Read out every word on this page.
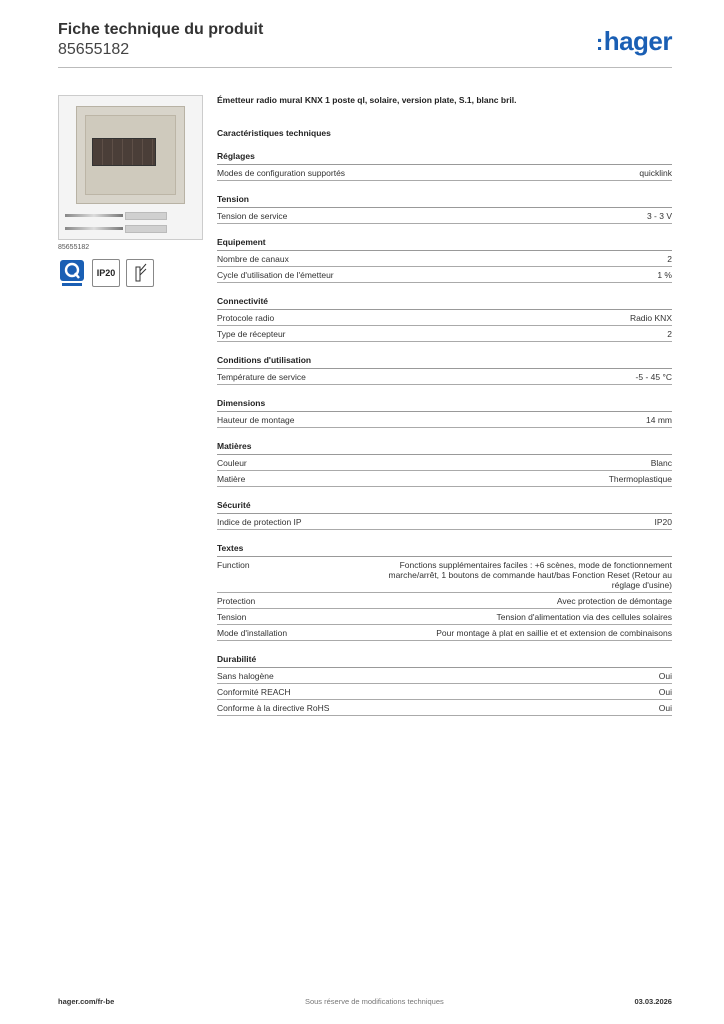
Fiche technique du produit
85655182	:hager
85655182
IP20
Émetteur radio mural KNX 1 poste ql, solaire, version plate, S.1, blanc bril.
Caractéristiques techniques
Réglages
Modes de configuration supportés	quicklink
Tension
Tension de service	3 - 3 V
Equipement
Nombre de canaux	2
Cycle d'utilisation de l'émetteur	1 %
Connectivité
Protocole radio	Radio KNX
Type de récepteur	2
Conditions d'utilisation
Température de service	-5 - 45 °C
Dimensions
Hauteur de montage	14 mm
Matières
Couleur	Blanc
Matière	Thermoplastique
Sécurité
Indice de protection IP	IP20
Textes
Function	Fonctions supplémentaires faciles : +6 scènes, mode de fonctionnement marche/arrêt, 1 boutons de commande haut/bas Fonction Reset (Retour au réglage d'usine)
Protection	Avec protection de démontage
Tension	Tension d'alimentation via des cellules solaires
Mode d'installation	Pour montage à plat en saillie et et extension de combinaisons
Durabilité
Sans halogène	Oui
Conformité REACH	Oui
Conforme à la directive RoHS	Oui
hager.com/fr-be	Sous réserve de modifications techniques	03.03.2026
